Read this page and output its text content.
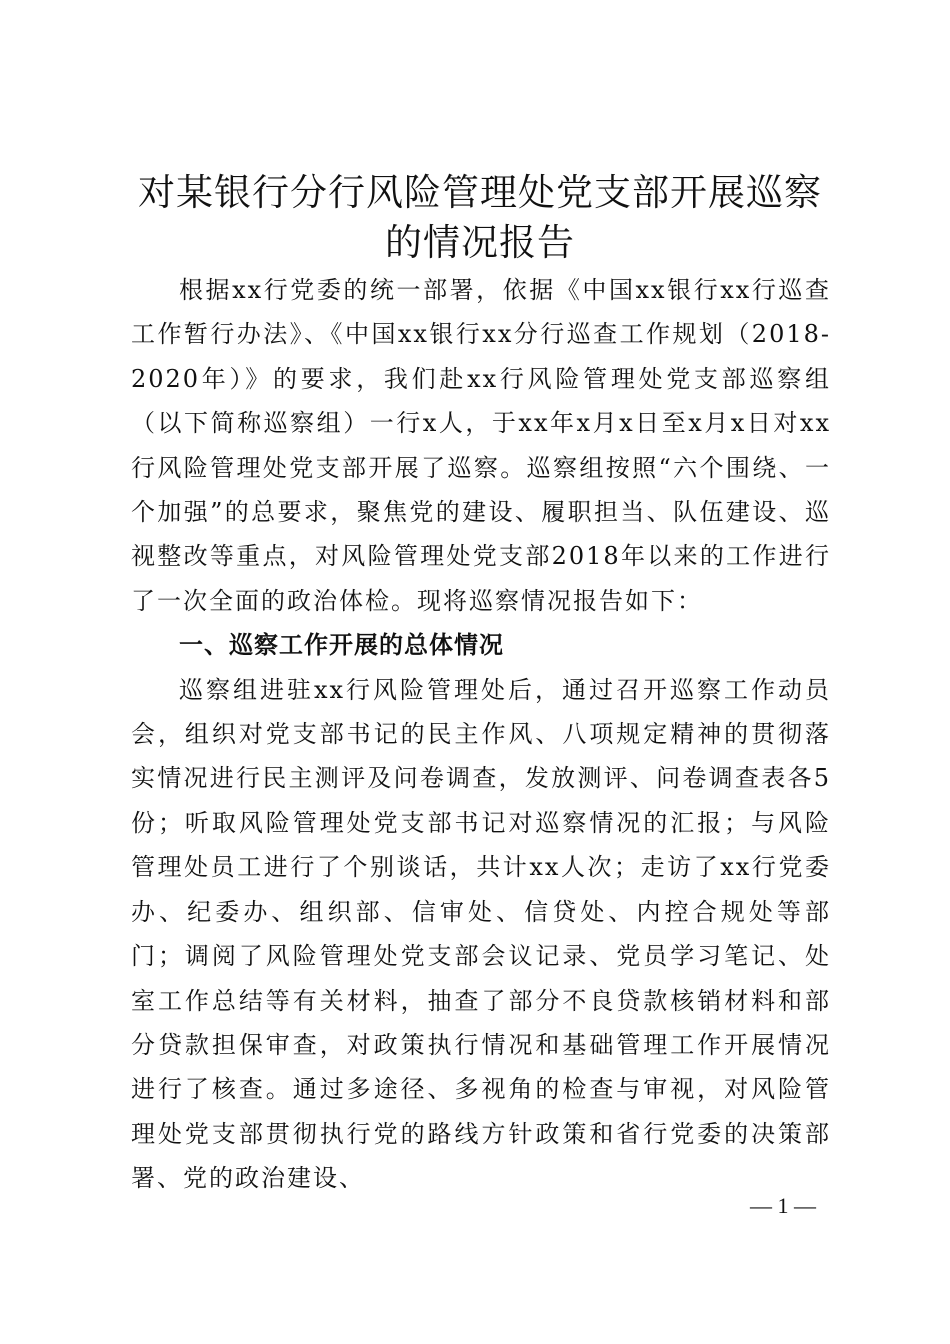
对某银行分行风险管理处党支部开展巡察的情况报告

根据xx行党委的统一部署，依据《中国xx银行xx行巡查工作暂行办法》、《中国xx银行xx分行巡查工作规划（2018-2020年）》的要求，我们赴xx行风险管理处党支部巡察组（以下简称巡察组）一行x人，于xx年x月x日至x月x日对xx行风险管理处党支部开展了巡察。巡察组按照“六个围绕、一个加强”的总要求，聚焦党的建设、履职担当、队伍建设、巡视整改等重点，对风险管理处党支部2018年以来的工作进行了一次全面的政治体检。现将巡察情况报告如下：

一、巡察工作开展的总体情况

巡察组进驻xx行风险管理处后，通过召开巡察工作动员会，组织对党支部书记的民主作风、八项规定精神的贯彻落实情况进行民主测评及问卷调查，发放测评、问卷调查表各5份；听取风险管理处党支部书记对巡察情况的汇报；与风险管理处员工进行了个别谈话，共计xx人次；走访了xx行党委办、纪委办、组织部、信审处、信贷处、内控合规处等部门；调阅了风险管理处党支部会议记录、党员学习笔记、处室工作总结等有关材料，抽查了部分不良贷款核销材料和部分贷款担保审查，对政策执行情况和基础管理工作开展情况进行了核查。通过多途径、多视角的检查与审视，对风险管理处党支部贯彻执行党的路线方针政策和省行党委的决策部署、党的政治建设、

— 1 —
